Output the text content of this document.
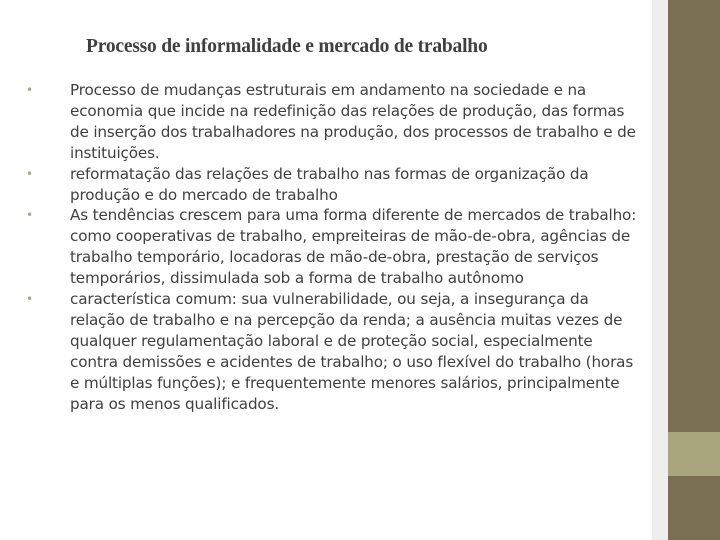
Processo de informalidade e mercado de trabalho
•	Processo de mudanças estruturais em andamento na sociedade e na economia que incide na redefinição das relações de produção, das formas de inserção dos trabalhadores na produção, dos processos de trabalho e de instituições.
•	reformatação das relações de trabalho nas formas de organização da produção e do mercado de trabalho
•	As tendências crescem para uma forma diferente de mercados de trabalho: como cooperativas de trabalho, empreiteiras de mão-de-obra, agências de trabalho temporário, locadoras de mão-de-obra, prestação de serviços temporários, dissimulada sob a forma de trabalho autônomo
•	característica comum: sua vulnerabilidade, ou seja, a insegurança da relação de trabalho e na percepção da renda; a ausência muitas vezes de qualquer regulamentação laboral e de proteção social, especialmente contra demissões e acidentes de trabalho; o uso flexível do trabalho (horas e múltiplas funções); e frequentemente menores salários, principalmente para os menos qualificados.
